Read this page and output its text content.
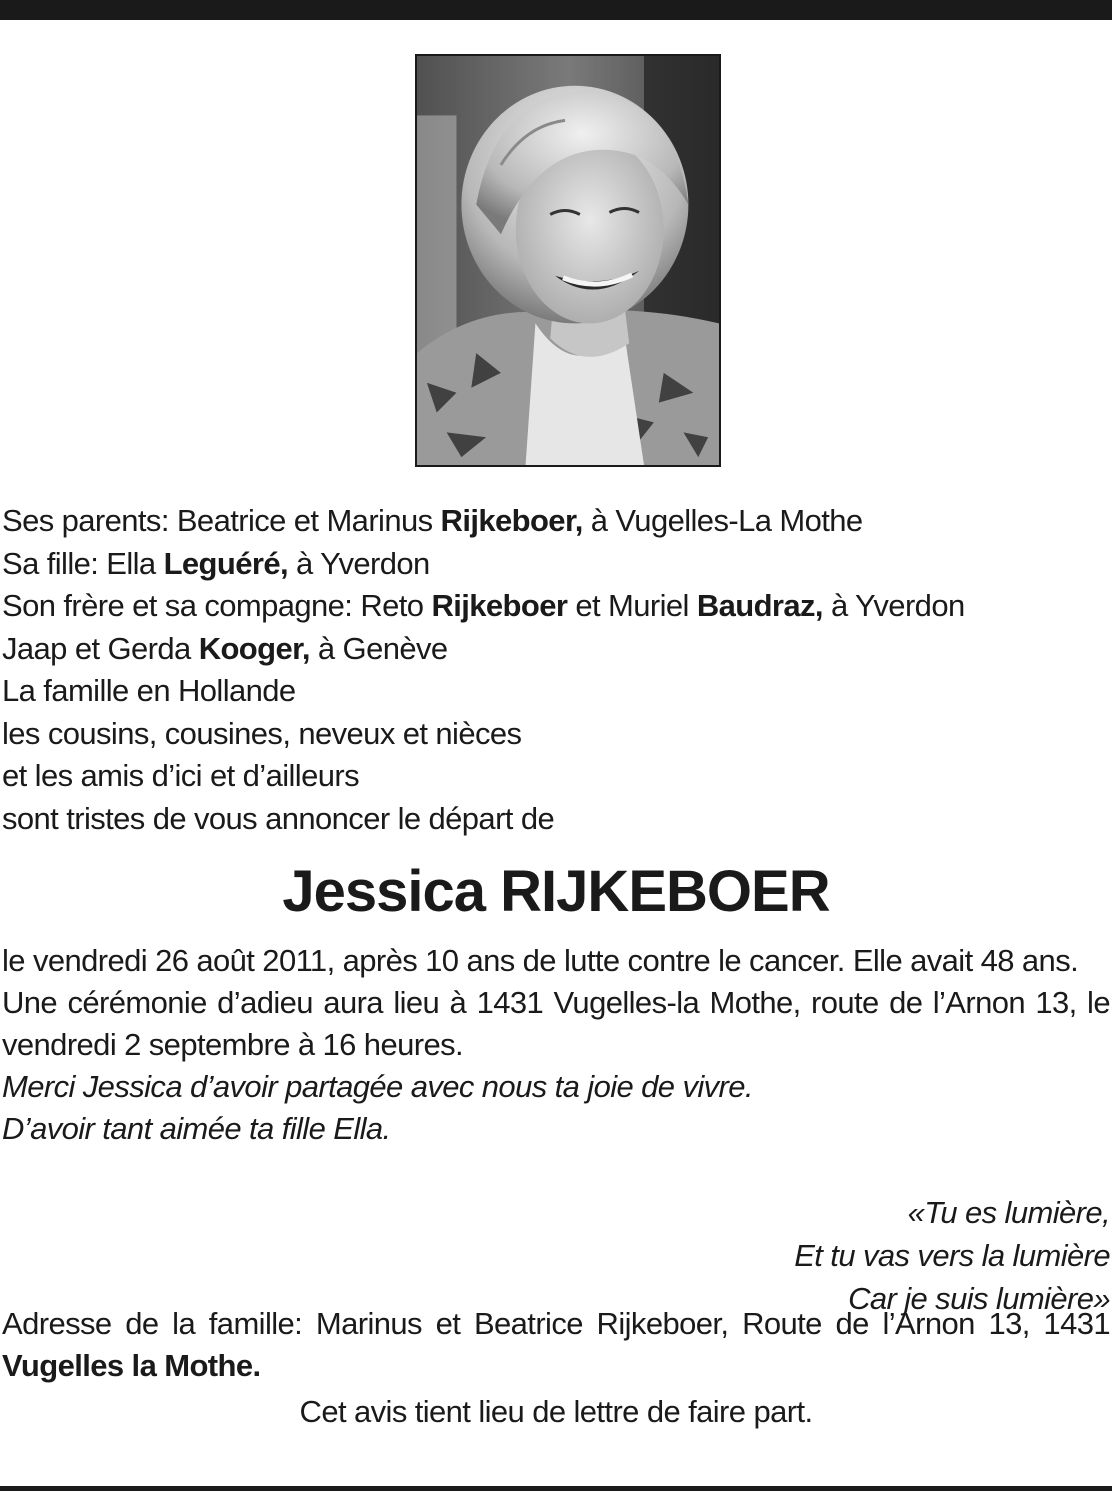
Ses parents: Beatrice et Marinus Rijkeboer, à Vugelles-La Mothe
Sa fille: Ella Leguéré, à Yverdon
Son frère et sa compagne: Reto Rijkeboer et Muriel Baudraz, à Yverdon
Jaap et Gerda Kooger, à Genève
La famille en Hollande
les cousins, cousines, neveux et nièces
et les amis d’ici et d’ailleurs
sont tristes de vous annoncer le départ de
Jessica RIJKEBOER
le vendredi 26 août 2011, après 10 ans de lutte contre le cancer. Elle avait 48 ans.
Une cérémonie d’adieu aura lieu à 1431 Vugelles-la Mothe, route de l’Arnon 13, le vendredi 2 septembre à 16 heures.
Merci Jessica d’avoir partagée avec nous ta joie de vivre.
D’avoir tant aimée ta fille Ella.
«Tu es lumière,
Et tu vas vers la lumière
Car je suis lumière»
Adresse de la famille: Marinus et Beatrice Rijkeboer, Route de l’Arnon 13, 1431 Vugelles la Mothe.
Cet avis tient lieu de lettre de faire part.
